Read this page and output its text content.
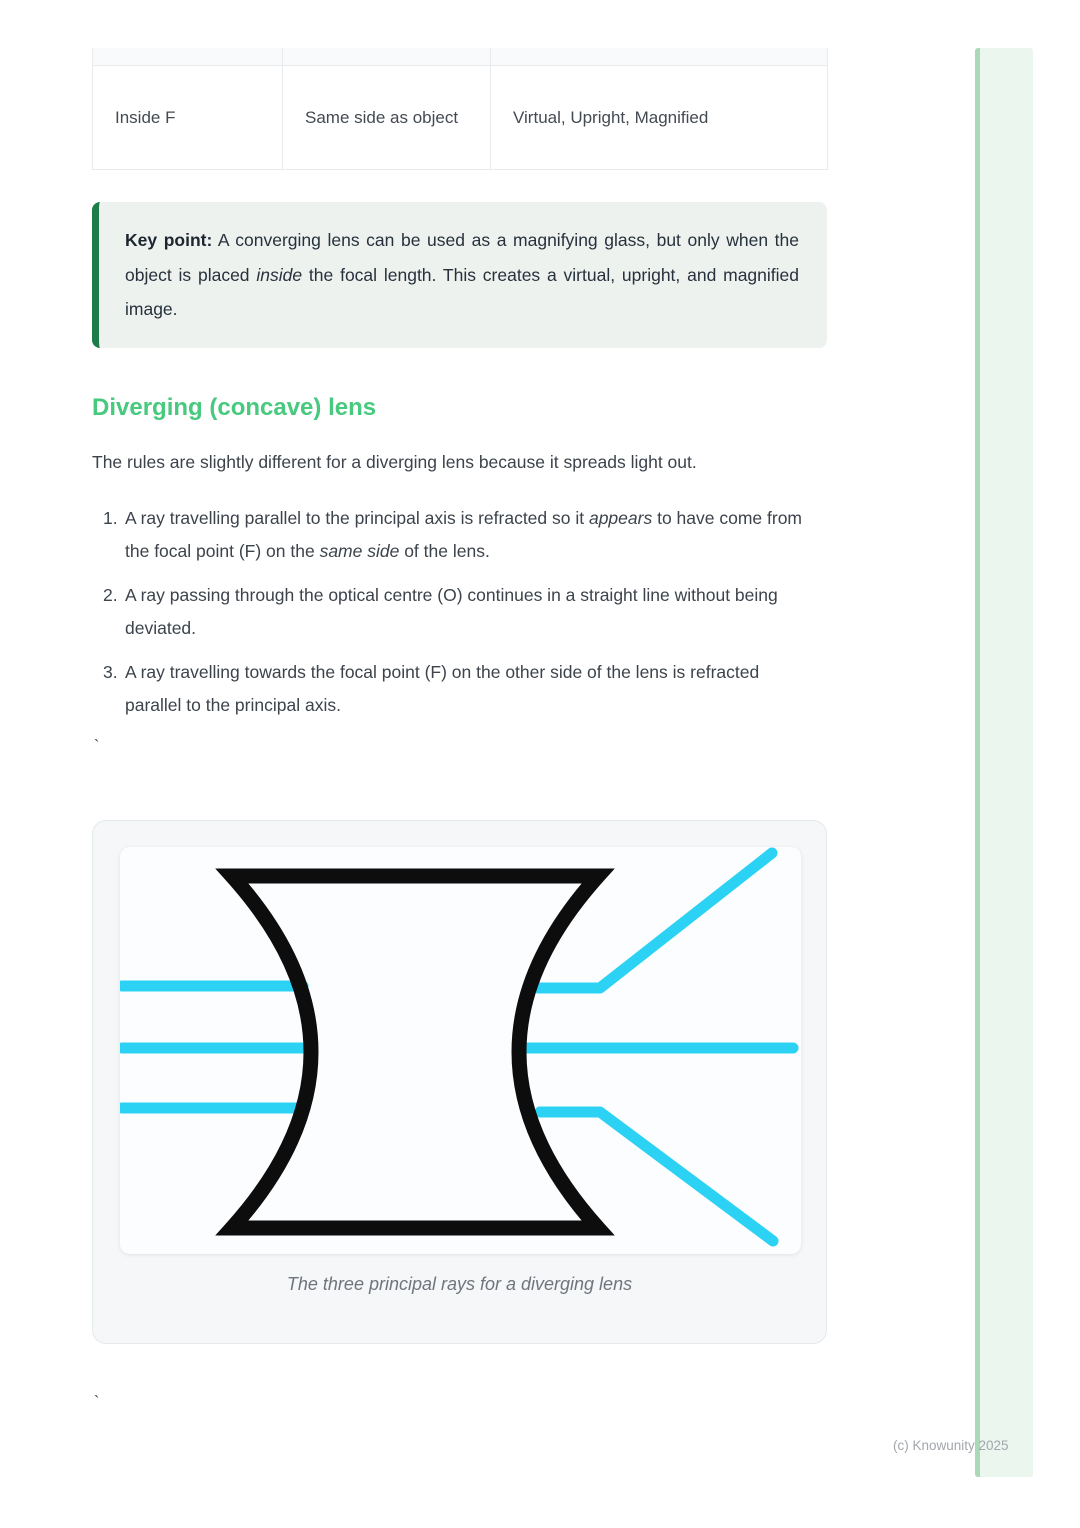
Inside F	Same side as object	Virtual, Upright, Magnified
Key point: A converging lens can be used as a magnifying glass, but only when the object is placed inside the focal length. This creates a virtual, upright, and magnified image.
Diverging (concave) lens

The rules are slightly different for a diverging lens because it spreads light out.

1. A ray travelling parallel to the principal axis is refracted so it appears to have come from the focal point (F) on the same side of the lens.
2. A ray passing through the optical centre (O) continues in a straight line without being deviated.
3. A ray travelling towards the focal point (F) on the other side of the lens is refracted parallel to the principal axis.
`
The three principal rays for a diverging lens
`
(c) Knowunity 2025
